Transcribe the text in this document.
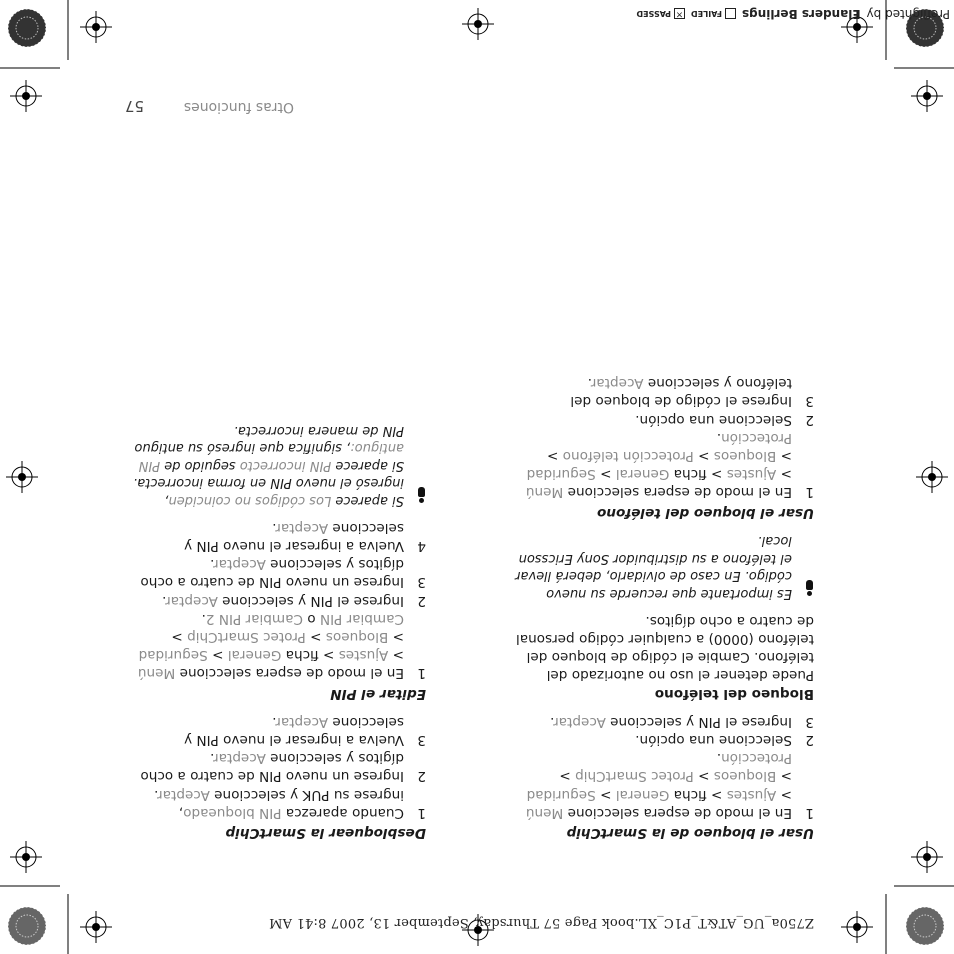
Z750a_UG_AT&T_P1C_XL.book Page 57 Thursday, September 13, 2007 8:41 AM
Desbloquear la SmartChip
1
Cuando aparezca PIN bloqueado, ingrese su PUK y seleccione Aceptar.
2
Ingrese un nuevo PIN de cuatro a ocho dígitos y seleccione Aceptar.
3
Vuelva a ingresar el nuevo PIN y seleccione Aceptar.
Editar el PIN
1
En el modo de espera seleccione Menú > Ajustes > ficha General > Seguridad > Bloqueos > Protec SmartChip > Cambiar PIN o Cambiar PIN 2.
2
Ingrese el PIN y seleccione Aceptar.
3
Ingrese un nuevo PIN de cuatro a ocho dígitos y seleccione Aceptar.
4
Vuelva a ingresar el nuevo PIN y seleccione Aceptar.
Si aparece Los códigos no coinciden, ingresó el nuevo PIN en forma incorrecta. Si aparece PIN incorrecto seguido de PIN antiguo:, significa que ingresó su antiguo PIN de manera incorrecta.
Usar el bloqueo de la SmartChip
1
En el modo de espera seleccione Menú > Ajustes > ficha General > Seguridad > Bloqueos > Protec SmartChip > Protección.
2
Seleccione una opción.
3
Ingrese el PIN y seleccione Aceptar.
Bloqueo del teléfono
Puede detener el uso no autorizado del teléfono. Cambie el código de bloqueo del teléfono (0000) a cualquier código personal de cuatro a ocho dígitos.
Es importante que recuerde su nuevo código. En caso de olvidarlo, deberá llevar el teléfono a su distribuidor Sony Ericsson local.
Usar el bloqueo del teléfono
1
En el modo de espera seleccione Menú > Ajustes > ficha General > Seguridad > Bloqueos > Protección teléfono > Protección.
2
Seleccione una opción.
3
Ingrese el código de bloqueo del teléfono y seleccione Aceptar.
Otras funciones
57
Preflighted by
Elanders Berlings
FAILED
×
PASSED
